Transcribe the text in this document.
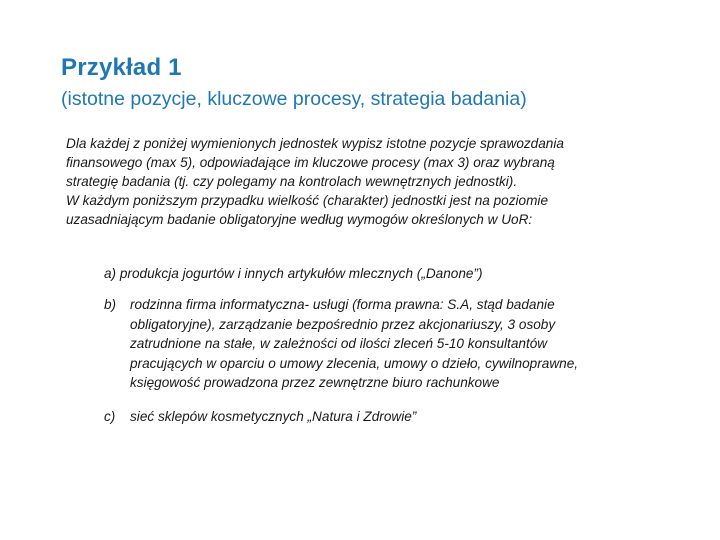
Przykład 1
(istotne pozycje, kluczowe procesy, strategia badania)
Dla każdej z poniżej wymienionych jednostek wypisz istotne pozycje sprawozdania
finansowego (max 5), odpowiadające im kluczowe procesy (max 3) oraz wybraną
strategię badania (tj. czy polegamy na kontrolach wewnętrznych jednostki).
W każdym poniższym przypadku wielkość (charakter) jednostki jest na poziomie
uzasadniającym badanie obligatoryjne według wymogów określonych w UoR:
a) produkcja jogurtów i innych artykułów mlecznych („Danone”)
b)	rodzinna firma informatyczna- usługi (forma prawna: S.A, stąd badanie
obligatoryjne), zarządzanie bezpośrednio przez akcjonariuszy, 3 osoby
zatrudnione na stałe, w zależności od ilości zleceń 5-10 konsultantów
pracujących w oparciu o umowy zlecenia, umowy o dzieło, cywilnoprawne,
księgowość prowadzona przez zewnętrzne biuro rachunkowe
c)	sieć sklepów kosmetycznych „Natura i Zdrowie”
